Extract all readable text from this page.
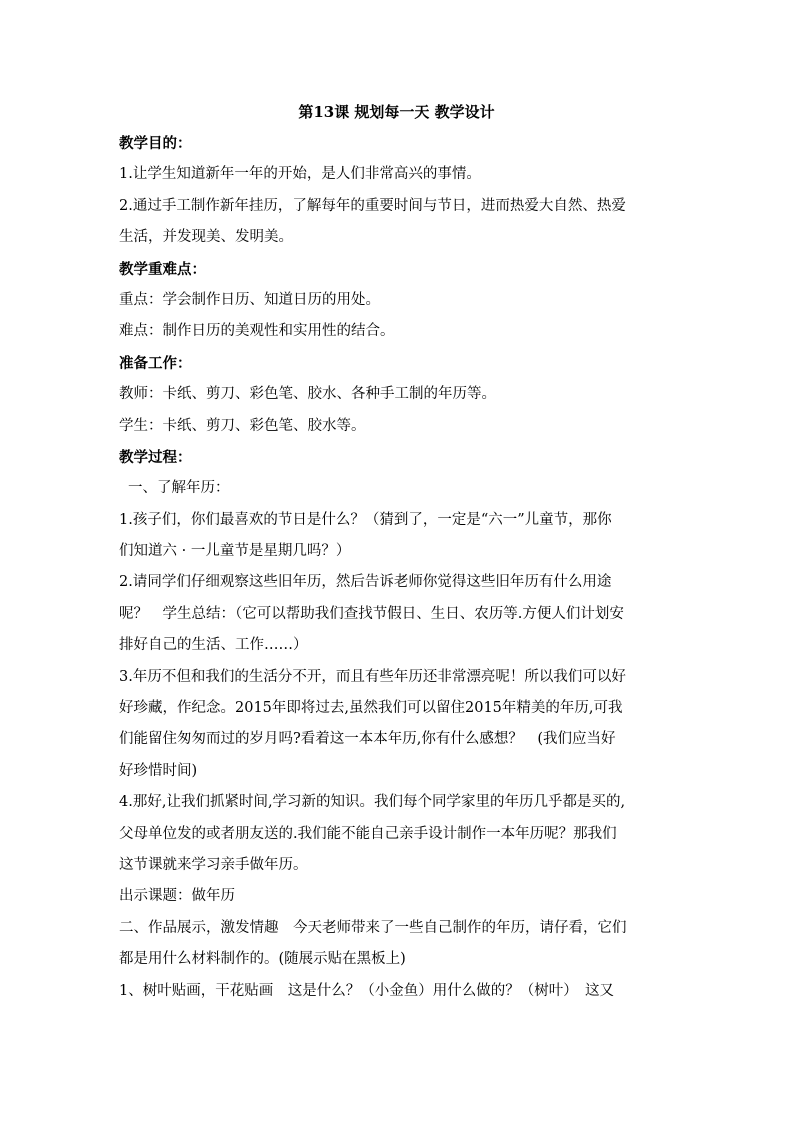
第13课 规划每一天 教学设计
教学目的：
1.让学生知道新年一年的开始，是人们非常高兴的事情。
2.通过手工制作新年挂历，了解每年的重要时间与节日，进而热爱大自然、热爱
生活，并发现美、发明美。
教学重难点：
重点：学会制作日历、知道日历的用处。
难点：制作日历的美观性和实用性的结合。
准备工作：
教师：卡纸、剪刀、彩色笔、胶水、各种手工制的年历等。
学生：卡纸、剪刀、彩色笔、胶水等。
教学过程：
一、了解年历：
1.孩子们，你们最喜欢的节日是什么？（猜到了，一定是“六一”儿童节，那你
们知道六 · 一儿童节是星期几吗？）
2.请同学们仔细观察这些旧年历，然后告诉老师你觉得这些旧年历有什么用途
呢？　学生总结：（它可以帮助我们查找节假日、生日、农历等.方便人们计划安
排好自己的生活、工作……）
3.年历不但和我们的生活分不开，而且有些年历还非常漂亮呢！所以我们可以好
好珍藏，作纪念。2015年即将过去,虽然我们可以留住2015年精美的年历,可我
们能留住匆匆而过的岁月吗?看着这一本本年历,你有什么感想？　(我们应当好
好珍惜时间)
4.那好,让我们抓紧时间,学习新的知识。我们每个同学家里的年历几乎都是买的,
父母单位发的或者朋友送的.我们能不能自己亲手设计制作一本年历呢？那我们
这节课就来学习亲手做年历。
出示课题：做年历
二、作品展示，激发情趣　今天老师带来了一些自己制作的年历，请仔看，它们
都是用什么材料制作的。(随展示贴在黑板上)
1、树叶贴画，干花贴画　这是什么？（小金鱼）用什么做的？（树叶）　这又
